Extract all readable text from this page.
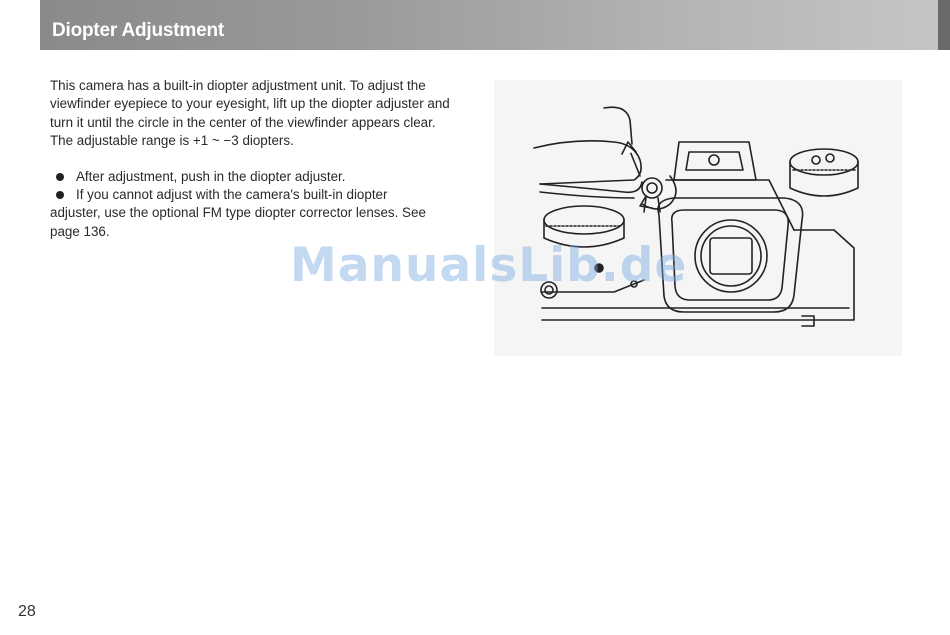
Diopter Adjustment

This camera has a built-in diopter adjustment unit. To adjust the viewfinder eyepiece to your eyesight, lift up the diopter adjuster and turn it until the circle in the center of the viewfinder appears clear. The adjustable range is +1 ~ −3 diopters.

After adjustment, push in the diopter adjuster.
If you cannot adjust with the camera's built-in diopter

adjuster, use the optional FM type diopter corrector lenses. See page 136.

ManualsLib.de
28
